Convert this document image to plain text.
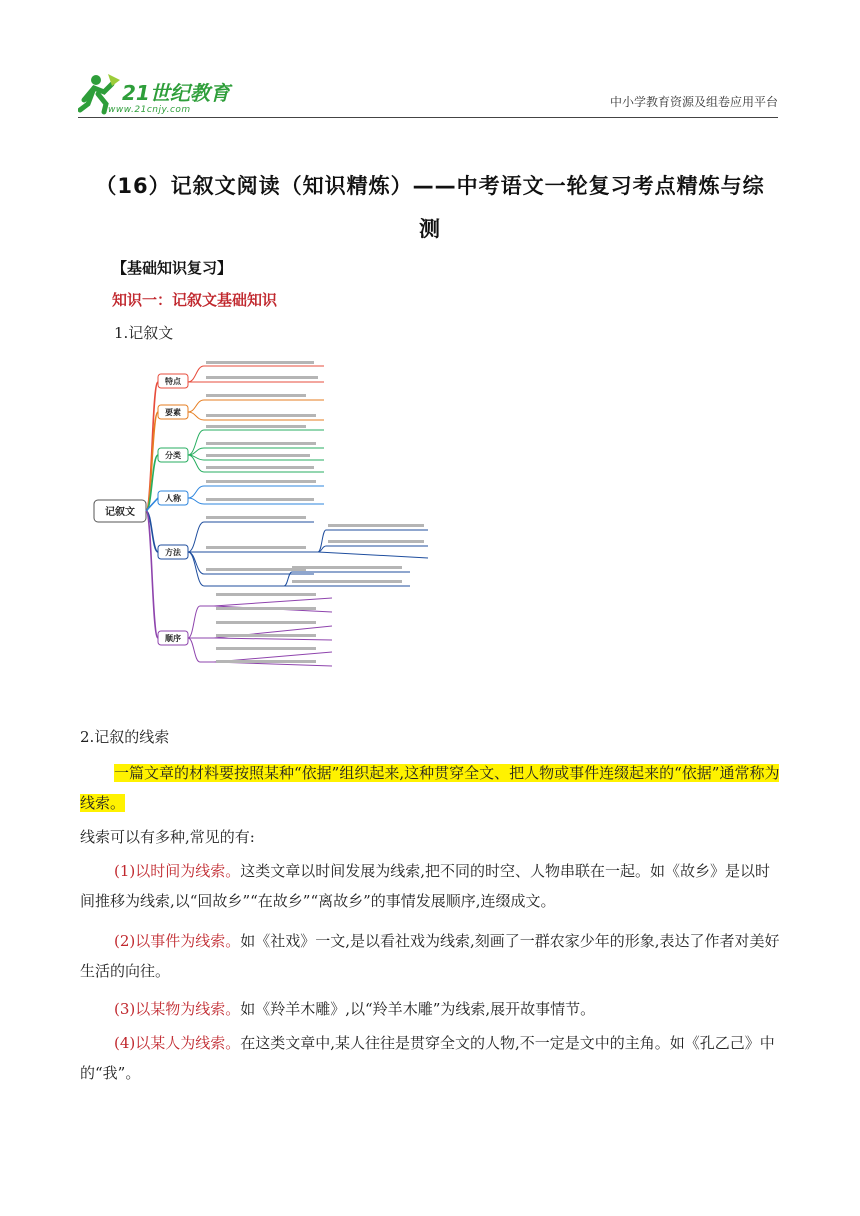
21世纪教育
www.21cnjy.com
中小学教育资源及组卷应用平台
（16）记叙文阅读（知识精炼）——中考语文一轮复习考点精炼与综
测
【基础知识复习】
知识一：记叙文基础知识
1.记叙文
记叙文
特点
要素
分类
人称
方法
顺序
2.记叙的线索
一篇文章的材料要按照某种“依据”组织起来,这种贯穿全文、把人物或事件连缀起来的“依据”通常称为线索。
线索可以有多种,常见的有:
(1)以时间为线索。这类文章以时间发展为线索,把不同的时空、人物串联在一起。如《故乡》是以时间推移为线索,以“回故乡”“在故乡”“离故乡”的事情发展顺序,连缀成文。
(2)以事件为线索。如《社戏》一文,是以看社戏为线索,刻画了一群农家少年的形象,表达了作者对美好生活的向往。
(3)以某物为线索。如《羚羊木雕》,以“羚羊木雕”为线索,展开故事情节。
(4)以某人为线索。在这类文章中,某人往往是贯穿全文的人物,不一定是文中的主角。如《孔乙己》中的“我”。
